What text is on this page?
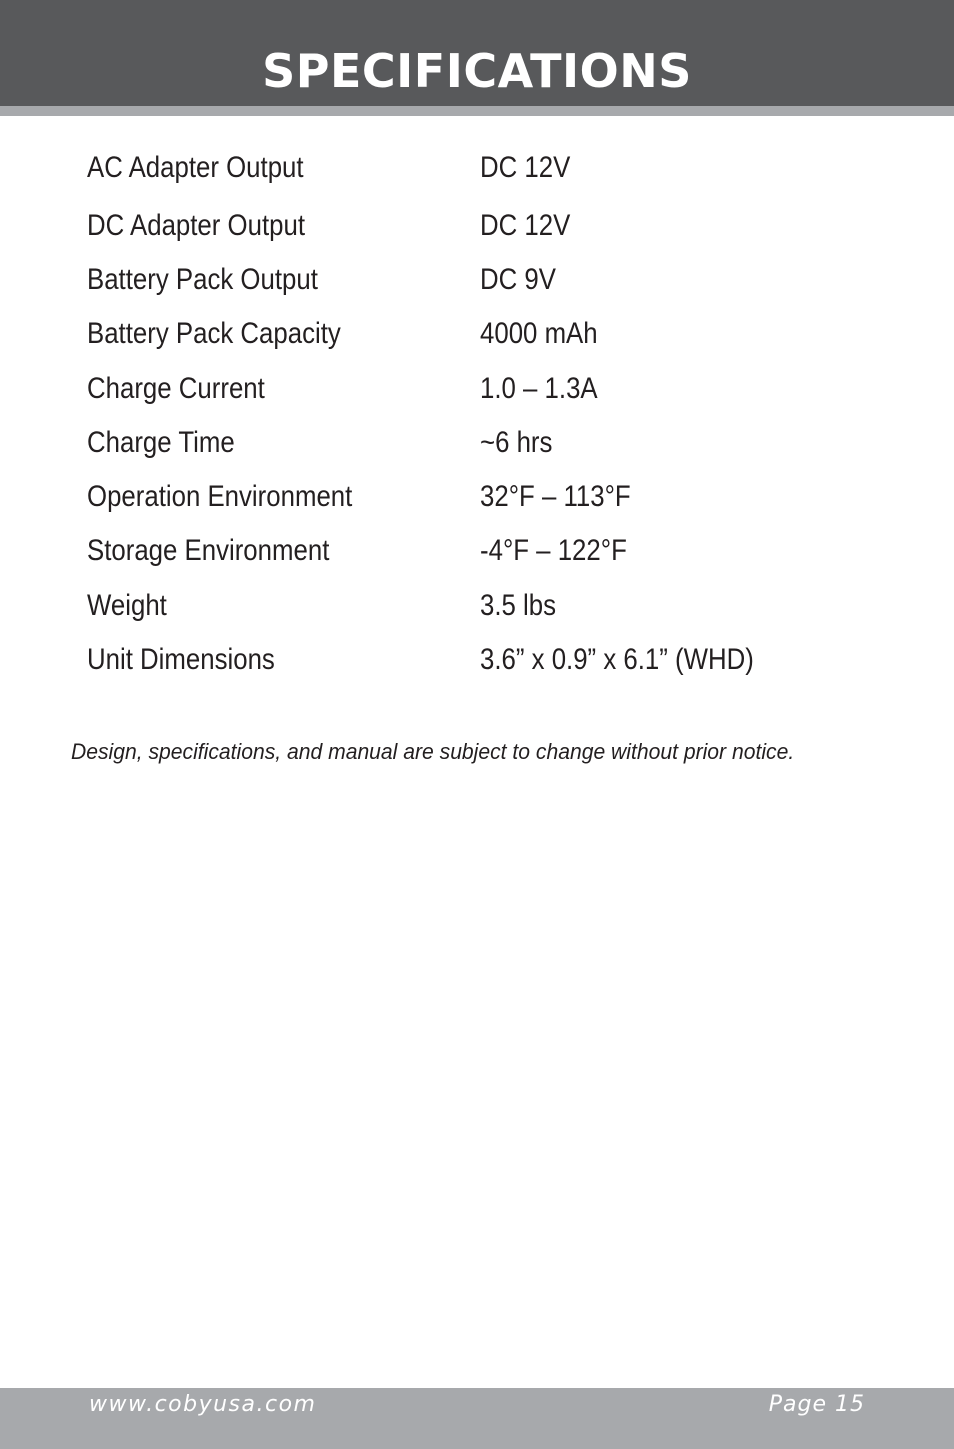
SPECIFICATIONS
AC Adapter Output	DC 12V
DC Adapter Output	DC 12V
Battery Pack Output	DC 9V
Battery Pack Capacity	4000 mAh
Charge Current	1.0 – 1.3A
Charge Time	~6 hrs
Operation Environment	32°F – 113°F
Storage Environment	-4°F – 122°F
Weight	3.5 lbs
Unit Dimensions	3.6” x 0.9” x 6.1” (WHD)
Design, specifications, and manual are subject to change without prior notice.
www.cobyusa.com	Page 15
